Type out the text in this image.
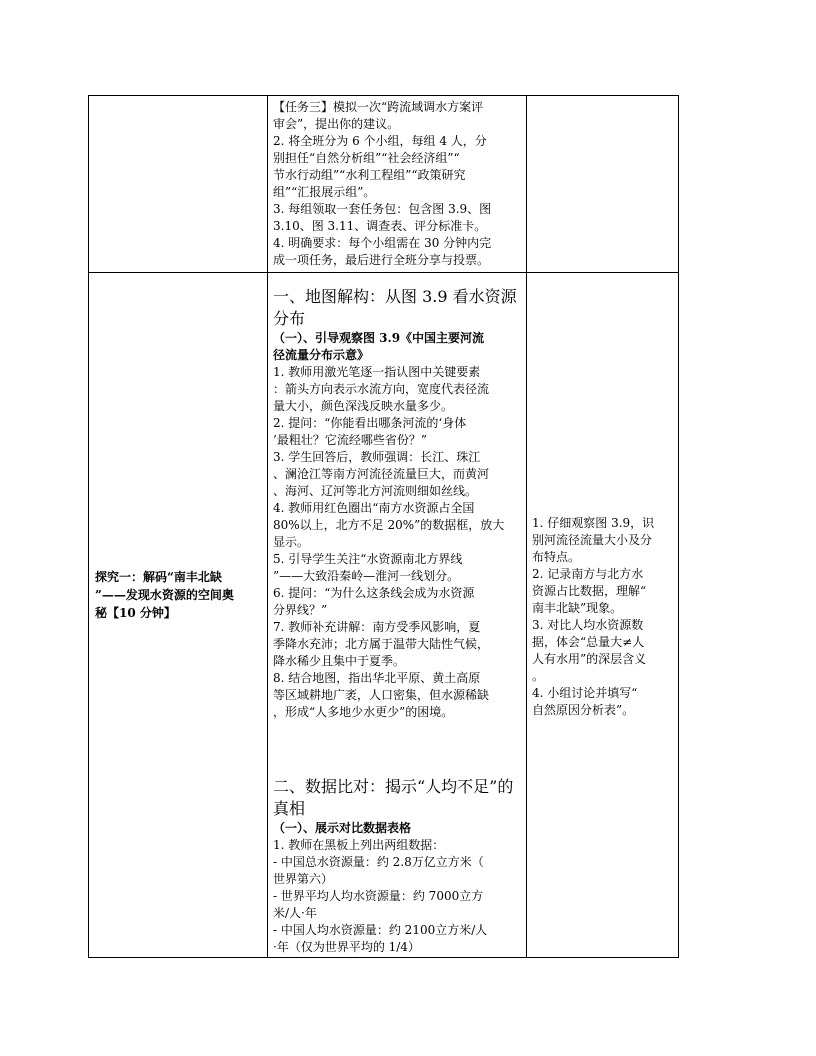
【任务三】模拟一次“跨流域调水方案评

审会”，提出你的建议。

2. 将全班分为 6 个小组，每组 4 人，分

别担任“自然分析组”“社会经济组”“

节水行动组”“水利工程组”“政策研究

组”“汇报展示组”。

3. 每组领取一套任务包：包含图 3.9、图

3.10、图 3.11、调查表、评分标准卡。

4. 明确要求：每个小组需在 30 分钟内完

成一项任务，最后进行全班分享与投票。

探究一：解码“南丰北缺
”——发现水资源的空间奥
秘【10 分钟】

一、地图解构：从图 3.9 看水资源

分布

（一）、引导观察图 3.9《中国主要河流

径流量分布示意》

1. 教师用激光笔逐一指认图中关键要素

：箭头方向表示水流方向，宽度代表径流

量大小，颜色深浅反映水量多少。

2. 提问：“你能看出哪条河流的‘身体

’最粗壮？它流经哪些省份？”

3. 学生回答后，教师强调：长江、珠江

、澜沧江等南方河流径流量巨大，而黄河

、海河、辽河等北方河流则细如丝线。

4. 教师用红色圈出“南方水资源占全国

80%以上，北方不足 20%”的数据框，放大

显示。

5. 引导学生关注“水资源南北方界线

”——大致沿秦岭—淮河一线划分。

6. 提问：“为什么这条线会成为水资源

分界线？”

7. 教师补充讲解：南方受季风影响，夏

季降水充沛；北方属于温带大陆性气候，

降水稀少且集中于夏季。

8. 结合地图，指出华北平原、黄土高原

等区域耕地广袤，人口密集，但水源稀缺

，形成“人多地少水更少”的困境。

二、数据比对：揭示“人均不足”的

真相

（一）、展示对比数据表格

1. 教师在黑板上列出两组数据：

- 中国总水资源量：约 2.8万亿立方米（

世界第六）

- 世界平均人均水资源量：约 7000立方

米/人·年

- 中国人均水资源量：约 2100立方米/人

·年（仅为世界平均的 1/4）

1. 仔细观察图 3.9，识

别河流径流量大小及分

布特点。

2. 记录南方与北方水

资源占比数据，理解“

南丰北缺”现象。

3. 对比人均水资源数

据，体会“总量大≠人

人有水用”的深层含义

。

4. 小组讨论并填写“

自然原因分析表”。
